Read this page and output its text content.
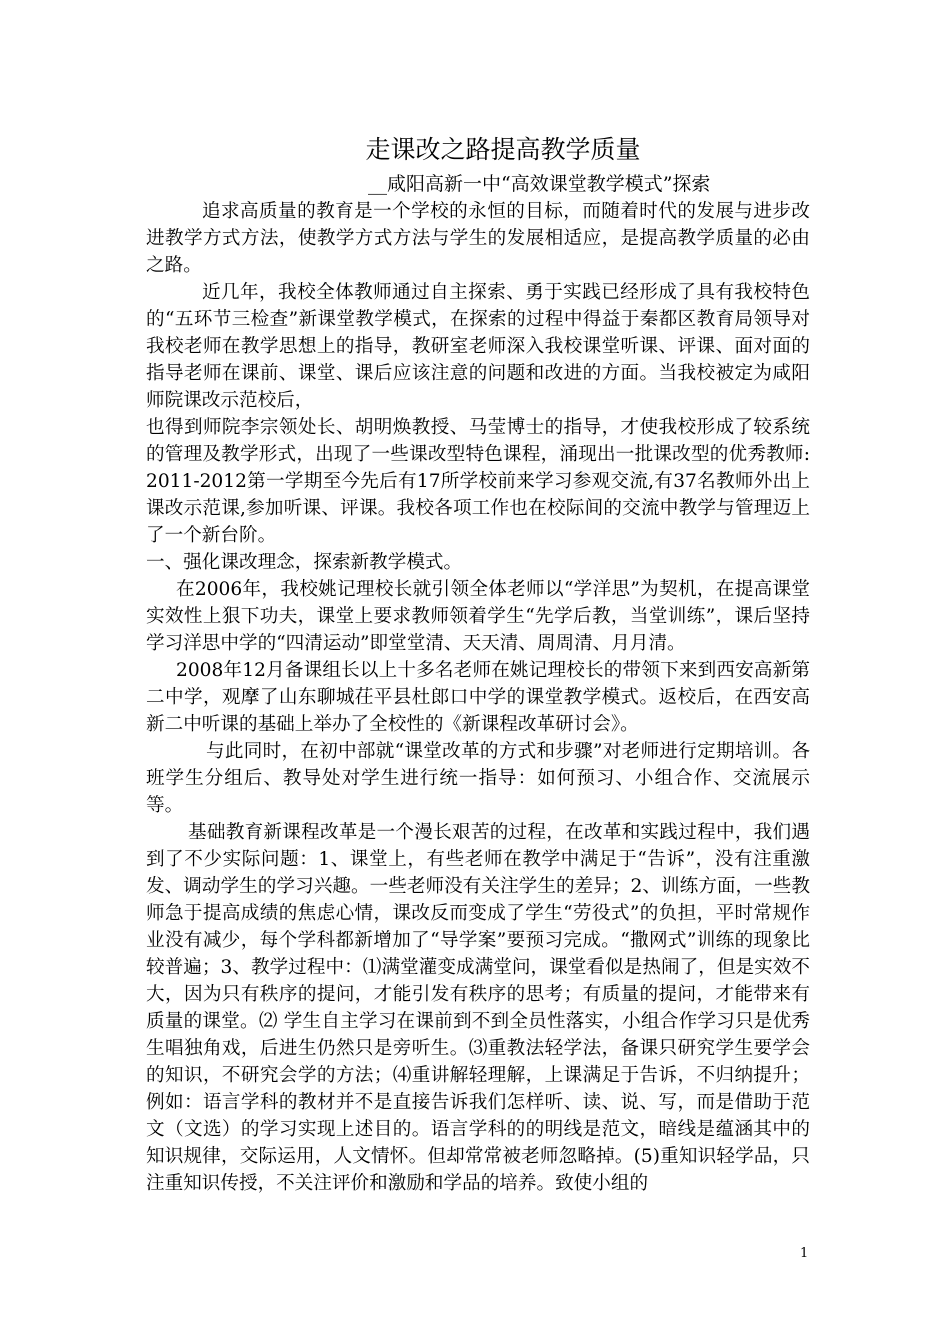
走课改之路提高教学质量

__咸阳高新一中“高效课堂教学模式”探索

追求高质量的教育是一个学校的永恒的目标，而随着时代的发展与进步改进教学方式方法，使教学方式方法与学生的发展相适应，是提高教学质量的必由之路。

近几年，我校全体教师通过自主探索、勇于实践已经形成了具有我校特色的“五环节三检查”新课堂教学模式，在探索的过程中得益于秦都区教育局领导对我校老师在教学思想上的指导，教研室老师深入我校课堂听课、评课、面对面的指导老师在课前、课堂、课后应该注意的问题和改进的方面。当我校被定为咸阳师院课改示范校后，

也得到师院李宗领处长、胡明焕教授、马莹博士的指导，才使我校形成了较系统的管理及教学形式，出现了一些课改型特色课程，涌现出一批课改型的优秀教师:2011-2012第一学期至今先后有17所学校前来学习参观交流,有37名教师外出上课改示范课,参加听课、评课。我校各项工作也在校际间的交流中教学与管理迈上了一个新台阶。

一、强化课改理念，探索新教学模式。

在2006年，我校姚记理校长就引领全体老师以“学洋思”为契机，在提高课堂实效性上狠下功夫，课堂上要求教师领着学生“先学后教，当堂训练”，课后坚持学习洋思中学的“四清运动”即堂堂清、天天清、周周清、月月清。

2008年12月备课组长以上十多名老师在姚记理校长的带领下来到西安高新第二中学，观摩了山东聊城茌平县杜郎口中学的课堂教学模式。返校后，在西安高新二中听课的基础上举办了全校性的《新课程改革研讨会》。

与此同时，在初中部就“课堂改革的方式和步骤”对老师进行定期培训。各班学生分组后、教导处对学生进行统一指导：如何预习、小组合作、交流展示等。

基础教育新课程改革是一个漫长艰苦的过程，在改革和实践过程中，我们遇到了不少实际问题：1、课堂上，有些老师在教学中满足于“告诉”，没有注重激发、调动学生的学习兴趣。一些老师没有关注学生的差异；2、训练方面，一些教师急于提高成绩的焦虑心情，课改反而变成了学生“劳役式”的负担，平时常规作业没有减少，每个学科都新增加了“导学案”要预习完成。“撒网式”训练的现象比较普遍；3、教学过程中：⑴满堂灌变成满堂问，课堂看似是热闹了，但是实效不大，因为只有秩序的提问，才能引发有秩序的思考；有质量的提问，才能带来有质量的课堂。⑵ 学生自主学习在课前到不到全员性落实，小组合作学习只是优秀生唱独角戏，后进生仍然只是旁听生。⑶重教法轻学法，备课只研究学生要学会的知识，不研究会学的方法；⑷重讲解轻理解，上课满足于告诉，不归纳提升；例如：语言学科的教材并不是直接告诉我们怎样听、读、说、写，而是借助于范文（文选）的学习实现上述目的。语言学科的的明线是范文，暗线是蕴涵其中的知识规律，交际运用，人文情怀。但却常常被老师忽略掉。(5)重知识轻学品，只注重知识传授，不关注评价和激励和学品的培养。致使小组的

1
